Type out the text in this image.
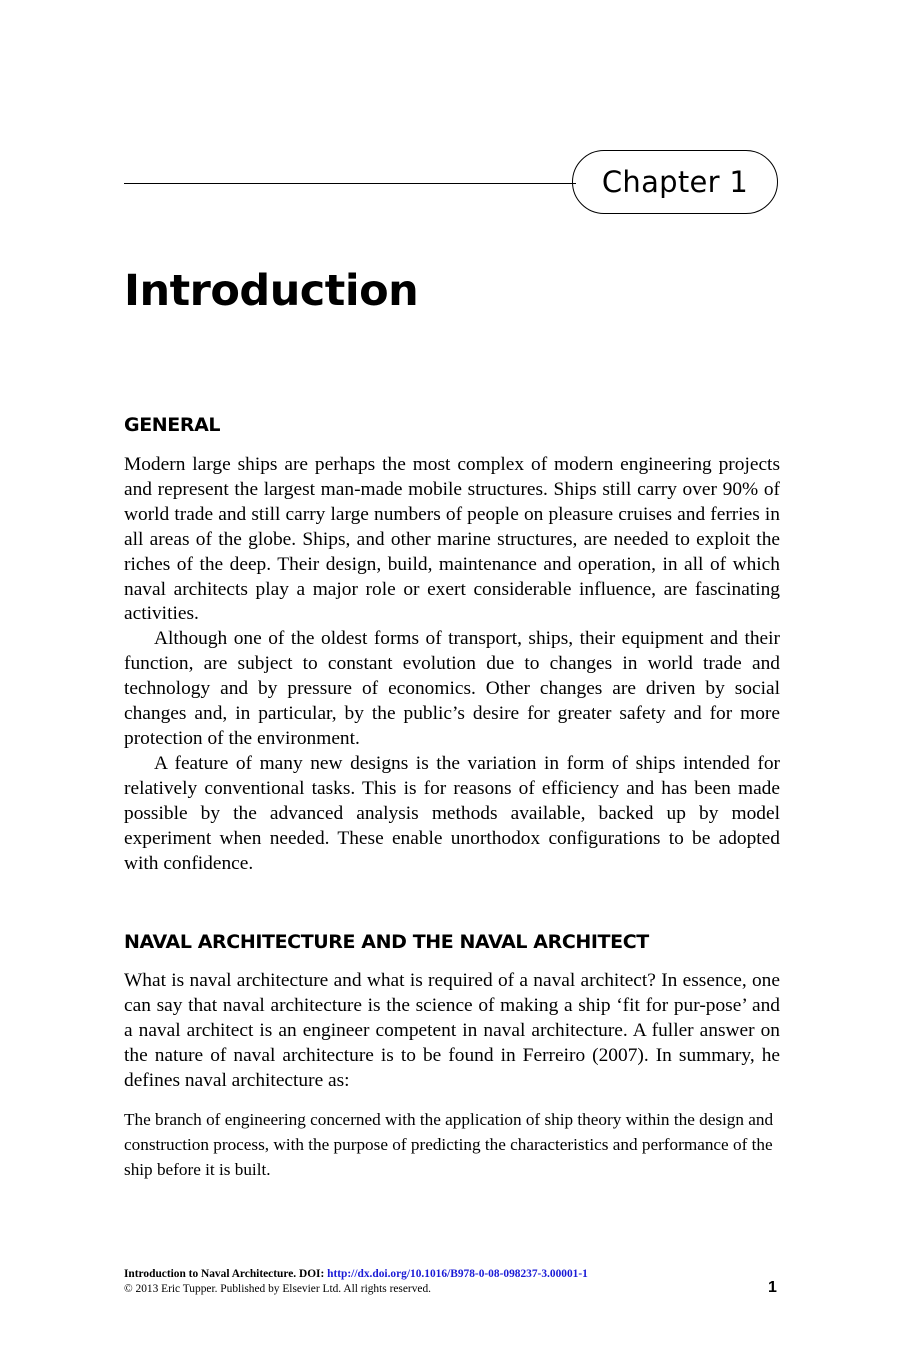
Chapter 1
Introduction
GENERAL

Modern large ships are perhaps the most complex of modern engineering projects and represent the largest man-made mobile structures. Ships still carry over 90% of world trade and still carry large numbers of people on pleasure cruises and ferries in all areas of the globe. Ships, and other marine structures, are needed to exploit the riches of the deep. Their design, build, maintenance and operation, in all of which naval architects play a major role or exert considerable influence, are fascinating activities.

Although one of the oldest forms of transport, ships, their equipment and their function, are subject to constant evolution due to changes in world trade and technology and by pressure of economics. Other changes are driven by social changes and, in particular, by the public’s desire for greater safety and for more protection of the environment.

A feature of many new designs is the variation in form of ships intended for relatively conventional tasks. This is for reasons of efficiency and has been made possible by the advanced analysis methods available, backed up by model experiment when needed. These enable unorthodox configurations to be adopted with confidence.

NAVAL ARCHITECTURE AND THE NAVAL ARCHITECT

What is naval architecture and what is required of a naval architect? In essence, one can say that naval architecture is the science of making a ship ‘fit for pur-pose’ and a naval architect is an engineer competent in naval architecture. A fuller answer on the nature of naval architecture is to be found in Ferreiro (2007). In summary, he defines naval architecture as:

The branch of engineering concerned with the application of ship theory within the design and construction process, with the purpose of predicting the characteristics and performance of the ship before it is built.
Introduction to Naval Architecture. DOI: http://dx.doi.org/10.1016/B978-0-08-098237-3.00001-1
© 2013 Eric Tupper. Published by Elsevier Ltd. All rights reserved.	1
